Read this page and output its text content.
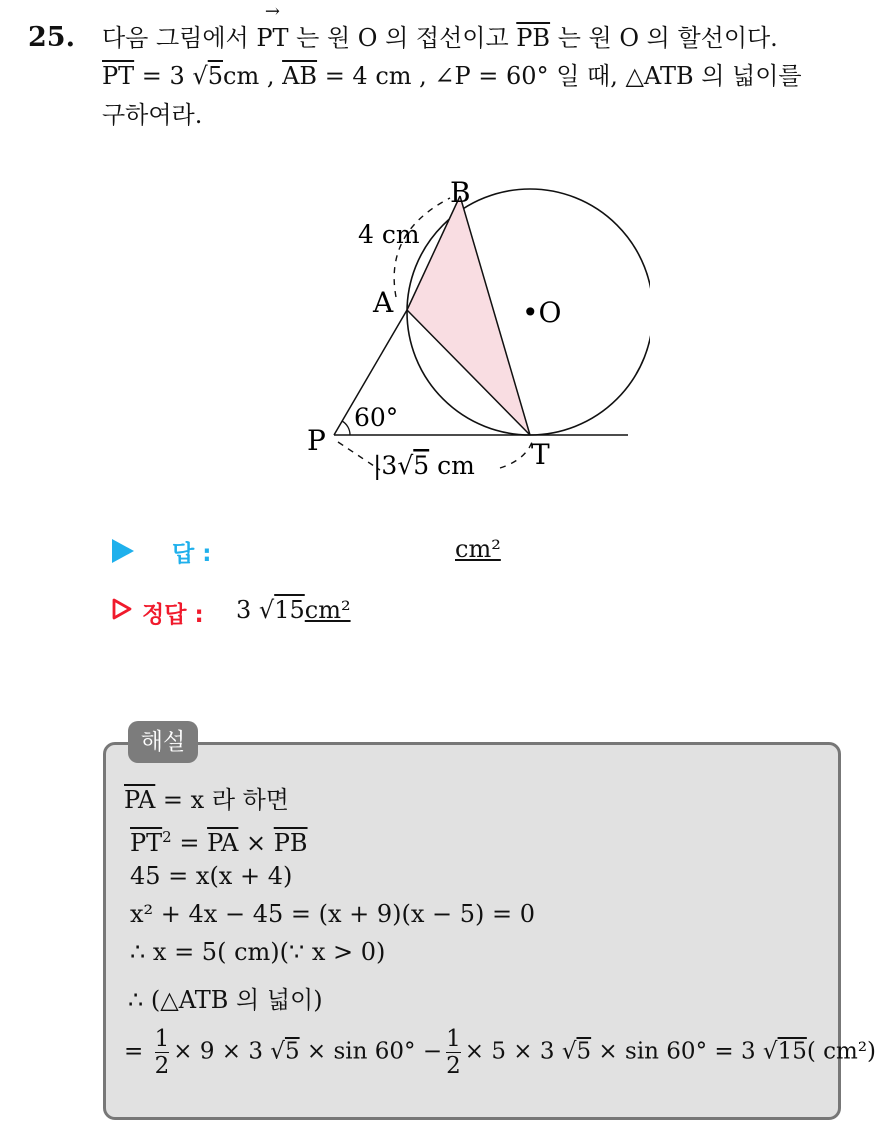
25. 다음 그림에서
→
PT 는 원 O 의 접선이고 $\overline{PB}$ 는 원 O 의 할선이다.
$\overline{PT} = 3$ √5cm , $\overline{AB} = 4$ cm , ∠P = 60° 일 때, △ATB 의 넓이를
구하여라.
B
A	•O
P	T
4 cm
60°
|3√5 cm
답 :	cm²
정답 : 3 √15cm²
해설
$\overline{PA} = x$ 라 하면
$\overline{PT}^2 = \overline{PA} \times \overline{PB}$
45 = x(x + 4)
x² + 4x − 45 = (x + 9)(x − 5) = 0
∴ x = 5( cm)(∵ x > 0)
∴ (△ATB 의 넓이)
= $\frac{1}{2} \times 9 \times 3$ $√5 \times \sin 60^\circ - \frac{1}{2} \times 5 \times 3$ √5 × sin 60° = 3 √15( cm²)
